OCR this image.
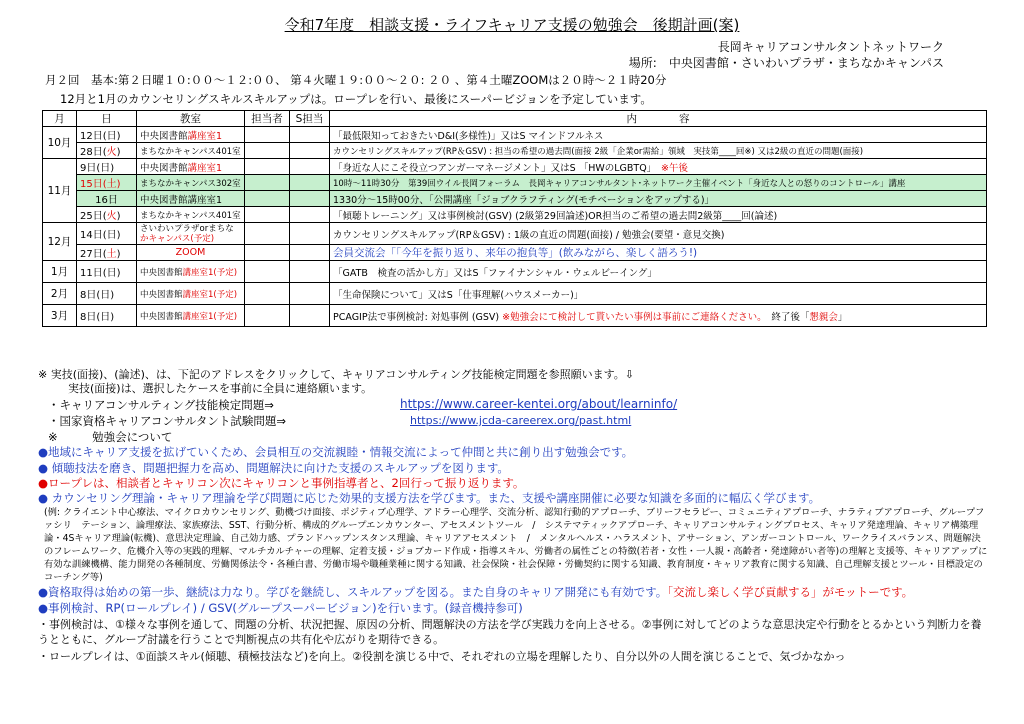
令和7年度　相談支援・ライフキャリア支援の勉強会　後期計画(案)
長岡キャリアコンサルタントネットワーク
場所:　中央図書館・さいわいプラザ・まちなかキャンパス
月２回　基本:第２日曜１０:００～１２:００、 第４火曜１９:００～２０: ２０ 、第４土曜ZOOMは２０時～２１時20分
12月と1月のカウンセリングスキルスキルアップは。ロープレを行い、最後にスーパービジョンを予定しています。
月	日	教室	担当者	S担当	内　　　　容
10月	12日(日)	中央図書館講座室1			「最低限知っておきたいD&I(多様性)」又はS マインドフルネス
	28日(火)	まちなかキャンパス401室			カウンセリングスキルアップ(RP＆GSV) : 担当の希望の過去問(面接 2級「企業or需給」領域　実技第____回※) 又は2級の直近の問題(面接)
11月	9日(日)	中央図書館講座室1			「身近な人にこそ役立つアンガーマネージメント」又はS 「HWのLGBTQ」　※午後
	15日(土)	まちなかキャンパス302室			10時～11時30分　第39回ウイル長岡フォーラム　長岡キャリアコンサルタント･ネットワーク主催イベント「身近な人との怒りのコントロール」講座
	16日	中央図書館講座室1			1330分～15時00分、「公開講座「ジョブクラフティング(モチベーションをアップする)」
	25日(火)	まちなかキャンパス401室			「傾聴トレーニング」又は事例検討(GSV) (2級第29回論述)OR担当のご希望の過去問2級第____回(論述)
12月	14日(日)	さいわいプラザorまちな
かキャンパス(予定)			カウンセリングスキルアップ(RP＆GSV) : 1級の直近の問題(面接) / 勉強会(要望・意見交換)
	27日(土)	ZOOM			会員交流会「「今年を振り返り、来年の抱負等」(飲みながら、楽しく語ろう!)
1月	11日(日)	中央図書館講座室1(予定)			「GATB　検査の活かし方」又はS「ファイナンシャル・ウェルビーイング」
2月	8日(日)	中央図書館講座室1(予定)			「生命保険について」又はS「仕事理解(ハウスメーカー)」
3月	8日(日)	中央図書館講座室1(予定)			PCAGIP法で事例検討: 対処事例 (GSV) ※勉強会にて検討して貰いたい事例は事前にご連絡ください。　終了後「懇親会」
※ 実技(面接)、(論述)、は、下記のアドレスをクリックして、キャリアコンサルティング技能検定問題を参照願います。⇩
実技(面接)は、選択したケースを事前に全員に連絡願います。
・キャリアコンサルティング技能検定問題⇒	https://www.career-kentei.org/about/learninfo/
・国家資格キャリアコンサルタント試験問題⇒	https://www.jcda-careerex.org/past.html
※　　　勉強会について
●地域にキャリア支援を拡げていくため、会員相互の交流親睦・情報交流によって仲間と共に創り出す勉強会です。
● 傾聴技法を磨き、問題把握力を高め、問題解決に向けた支援のスキルアップを図ります。
●ロープレは、相談者とキャリコン次にキャリコンと事例指導者と、2回行って振り返ります。
● カウンセリング理論・キャリア理論を学び問題に応じた効果的支援方法を学びます。また、支援や講座開催に必要な知識を多面的に幅広く学びます。
(例: クライエント中心療法、マイクロカウンセリング、動機づけ面接、ポジティブ心理学、アドラー心理学、交流分析、認知行動的アプローチ、ブリーフセラピー、コミュニティアプローチ、ナラティブアプローチ、グループファシリ　テーション、論理療法、家族療法、SST、行動分析、構成的グループエンカウンター、アセスメントツール　/　システマティックアプローチ、キャリアコンサルティングプロセス、キャリア発達理論、キャリア構築理論・4Sキャリア理論(転機)、意思決定理論、自己効力感、プランドハップンスタンス理論、キャリアアセスメント　/　メンタルヘルス・ハラスメント、アサーション、アンガーコントロール、ワークライスバランス、問題解決のフレームワーク、危機介入等の実践的理解、マルチカルチャーの理解、定着支援・ジョブカード作成・指導スキル、労働者の属性ごとの特徴(若者・女性・一人親・高齢者・発達障がい者等)の理解と支援等、キャリアアップに有効な訓練機構、能力開発の各種制度、労働関係法令・各種白書、労働市場や職種業種に関する知識、社会保険・社会保障・労働契約に関する知識、教育制度・キャリア教育に関する知識、自己理解支援とツール・目標設定のコーチング等)
●資格取得は始めの第一歩、継続は力なり。学びを継続し、スキルアップを図る。また自身のキャリア開発にも有効です。「交流し楽しく学び貢献する」がモットーです。
●事例検討、RP(ロールプレイ) / GSV(グループスーパービジョン)を行います。(録音機持参可)
・事例検討は、①様々な事例を通して、問題の分析、状況把握、原因の分析、問題解決の方法を学び実践力を向上させる。②事例に対してどのような意思決定や行動をとるかという判断力を養うとともに、グループ討議を行うことで判断視点の共有化や広がりを期待できる。
・ロールプレイは、①面談スキル(傾聴、積極技法など)を向上。②役割を演じる中で、それぞれの立場を理解したり、自分以外の人間を演じることで、気づかなかっ
